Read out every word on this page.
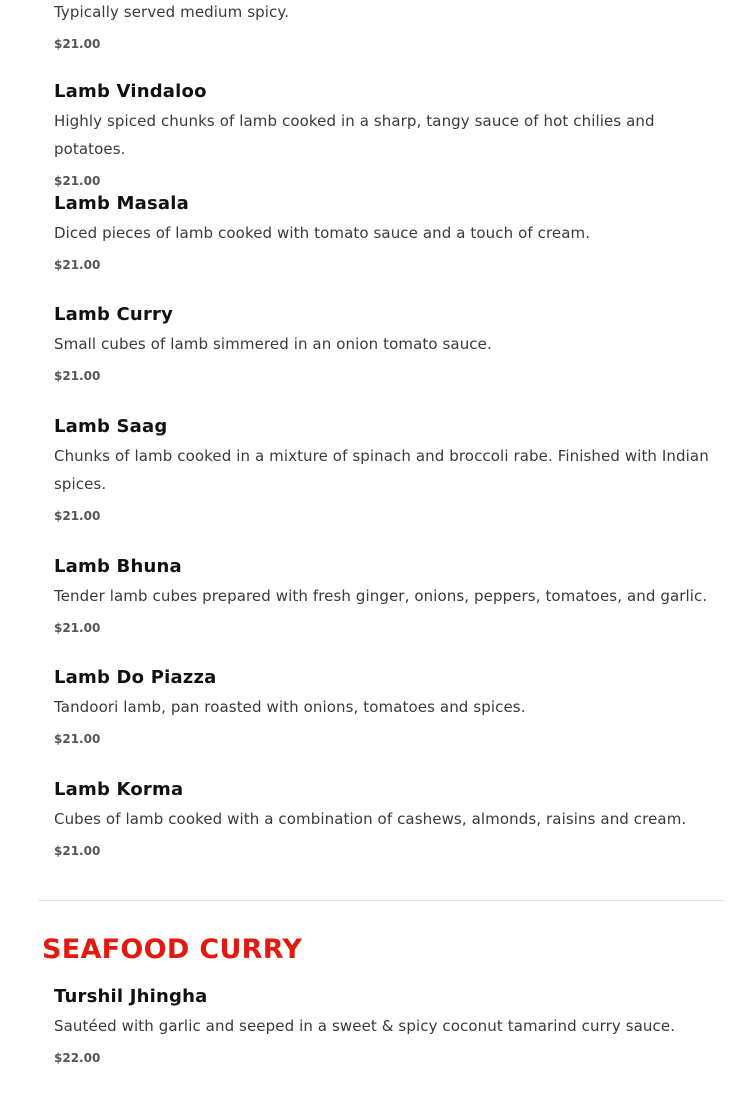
Typically served medium spicy.

$21.00

Lamb Vindaloo

Highly spiced chunks of lamb cooked in a sharp, tangy sauce of hot chilies and potatoes.

$21.00

Lamb Masala

Diced pieces of lamb cooked with tomato sauce and a touch of cream.

$21.00

Lamb Curry

Small cubes of lamb simmered in an onion tomato sauce.

$21.00

Lamb Saag

Chunks of lamb cooked in a mixture of spinach and broccoli rabe. Finished with Indian spices.

$21.00

Lamb Bhuna

Tender lamb cubes prepared with fresh ginger, onions, peppers, tomatoes, and garlic.

$21.00

Lamb Do Piazza

Tandoori lamb, pan roasted with onions, tomatoes and spices.

$21.00

Lamb Korma

Cubes of lamb cooked with a combination of cashews, almonds, raisins and cream.

$21.00

SEAFOOD CURRY
Turshil Jhingha

Sautéed with garlic and seeped in a sweet & spicy coconut tamarind curry sauce.

$22.00
